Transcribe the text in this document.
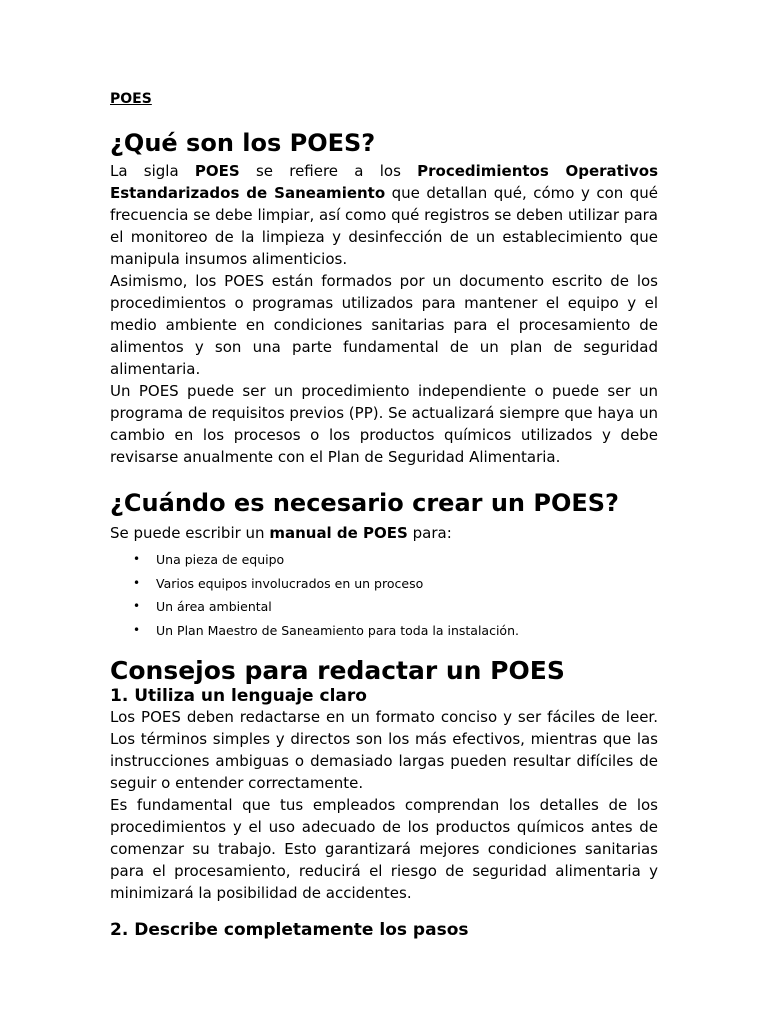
POES
¿Qué son los POES?

La sigla POES se refiere a los Procedimientos Operativos Estandarizados de Saneamiento que detallan qué, cómo y con qué frecuencia se debe limpiar, así como qué registros se deben utilizar para el monitoreo de la limpieza y desinfección de un establecimiento que manipula insumos alimenticios.

Asimismo, los POES están formados por un documento escrito de los procedimientos o programas utilizados para mantener el equipo y el medio ambiente en condiciones sanitarias para el procesamiento de alimentos y son una parte fundamental de un plan de seguridad alimentaria.

Un POES puede ser un procedimiento independiente o puede ser un programa de requisitos previos (PP). Se actualizará siempre que haya un cambio en los procesos o los productos químicos utilizados y debe revisarse anualmente con el Plan de Seguridad Alimentaria.

¿Cuándo es necesario crear un POES?

Se puede escribir un manual de POES para:

• Una pieza de equipo
• Varios equipos involucrados en un proceso
• Un área ambiental
• Un Plan Maestro de Saneamiento para toda la instalación.
Consejos para redactar un POES
1. Utiliza un lenguaje claro

Los POES deben redactarse en un formato conciso y ser fáciles de leer. Los términos simples y directos son los más efectivos, mientras que las instrucciones ambiguas o demasiado largas pueden resultar difíciles de seguir o entender correctamente.

Es fundamental que tus empleados comprendan los detalles de los procedimientos y el uso adecuado de los productos químicos antes de comenzar su trabajo. Esto garantizará mejores condiciones sanitarias para el procesamiento, reducirá el riesgo de seguridad alimentaria y minimizará la posibilidad de accidentes.

2. Describe completamente los pasos
